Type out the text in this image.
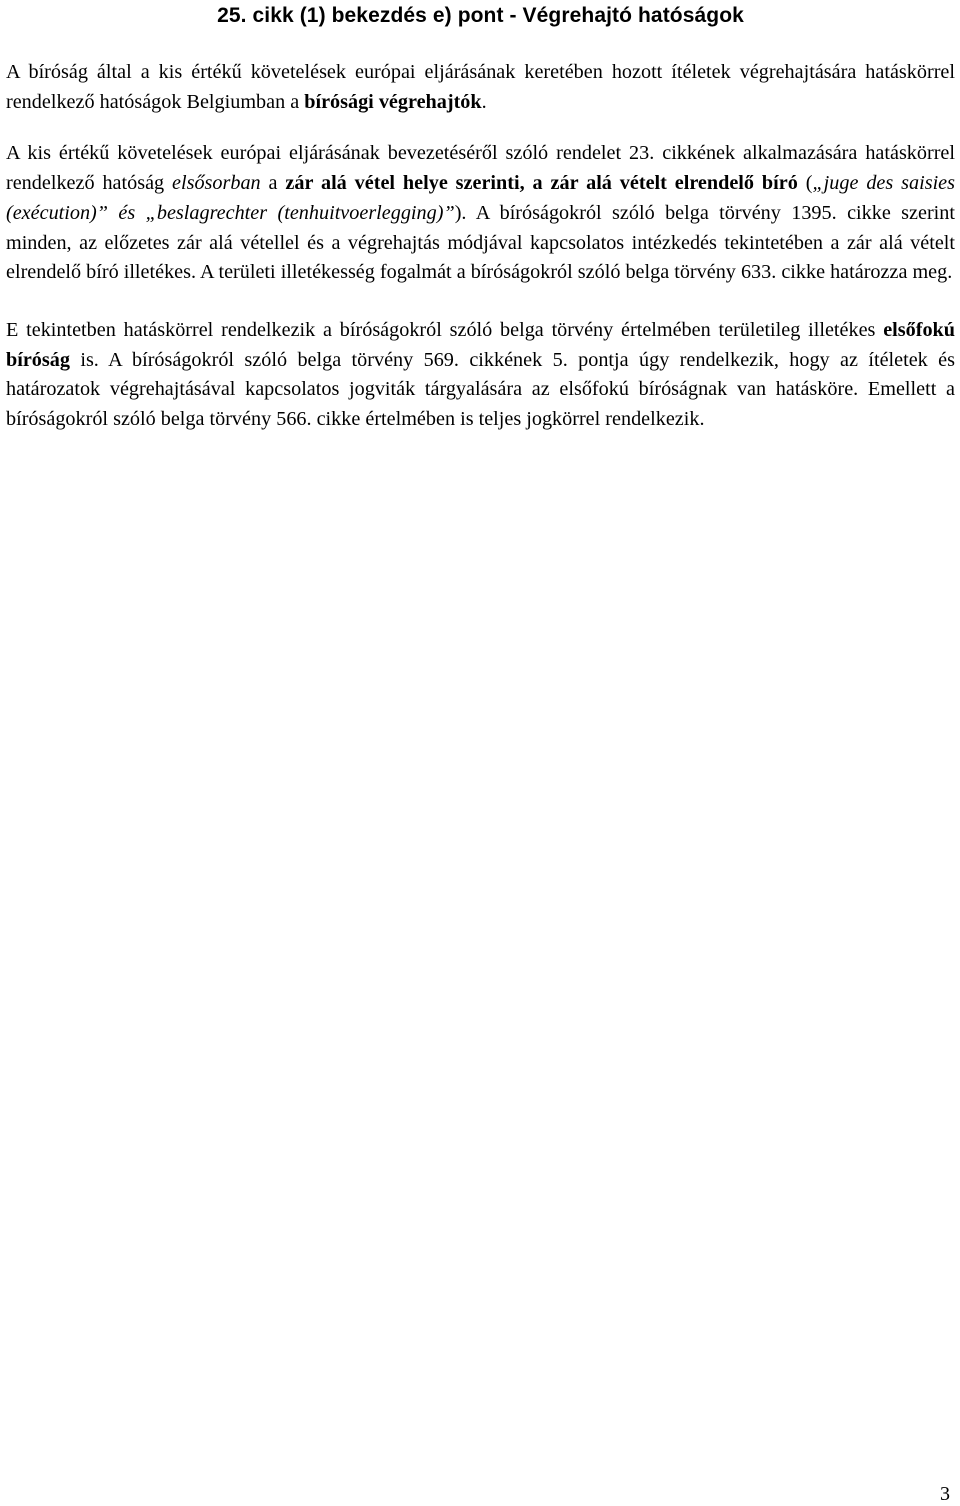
25. cikk (1) bekezdés e) pont - Végrehajtó hatóságok

A bíróság által a kis értékű követelések európai eljárásának keretében hozott ítéletek végrehajtására hatáskörrel rendelkező hatóságok Belgiumban a bírósági végrehajtók.

A kis értékű követelések európai eljárásának bevezetéséről szóló rendelet 23. cikkének alkalmazására hatáskörrel rendelkező hatóság elsősorban a zár alá vétel helye szerinti, a zár alá vételt elrendelő bíró („juge des saisies (exécution)” és „beslagrechter (tenhuitvoerlegging)”). A bíróságokról szóló belga törvény 1395. cikke szerint minden, az előzetes zár alá vétellel és a végrehajtás módjával kapcsolatos intézkedés tekintetében a zár alá vételt elrendelő bíró illetékes. A területi illetékesség fogalmát a bíróságokról szóló belga törvény 633. cikke határozza meg.

E tekintetben hatáskörrel rendelkezik a bíróságokról szóló belga törvény értelmében területileg illetékes elsőfokú bíróság is. A bíróságokról szóló belga törvény 569. cikkének 5. pontja úgy rendelkezik, hogy az ítéletek és határozatok végrehajtásával kapcsolatos jogviták tárgyalására az elsőfokú bíróságnak van hatásköre. Emellett a bíróságokról szóló belga törvény 566. cikke értelmében is teljes jogkörrel rendelkezik.

3
